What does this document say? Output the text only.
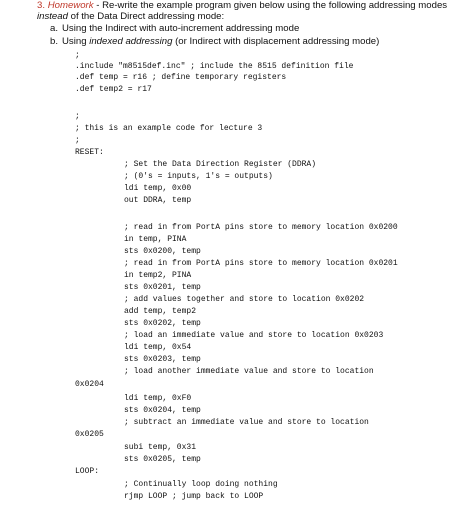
3. Homework - Re-write the example program given below using the following addressing modes
instead of the Data Direct addressing mode:
a. Using the Indirect with auto-increment addressing mode
b. Using indexed addressing (or Indirect with displacement addressing mode)
;
.include "m8515def.inc" ; include the 8515 definition file
.def temp = r16 ; define temporary registers
.def temp2 = r17
;
; this is an example code for lecture 3
;
RESET:
; Set the Data Direction Register (DDRA)
; (0's = inputs, 1's = outputs)
ldi temp, 0x00
out DDRA, temp
; read in from PortA pins store to memory location 0x0200
in temp, PINA
sts 0x0200, temp
; read in from PortA pins store to memory location 0x0201
in temp2, PINA
sts 0x0201, temp
; add values together and store to location 0x0202
add temp, temp2
sts 0x0202, temp
; load an immediate value and store to location 0x0203
ldi temp, 0x54
sts 0x0203, temp
; load another immediate value and store to location
0x0204
ldi temp, 0xF0
sts 0x0204, temp
; subtract an immediate value and store to location
0x0205
subi temp, 0x31
sts 0x0205, temp
LOOP:
; Continually loop doing nothing
rjmp LOOP ; jump back to LOOP
